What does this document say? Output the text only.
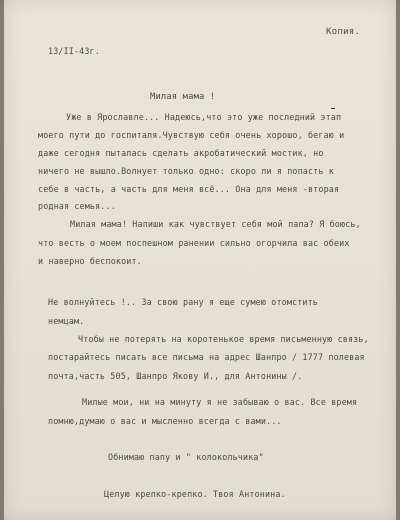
Копия.
13/II-43г.
Милая мама !
Уже в Ярославле... Надеюсь,что это уже последний этап
моего пути до госпиталя.Чувствую себя очень хорошо, бегаю и
даже сегодня пыталась сделать акробатический мостик, но
ничего не вышло.Волнует только одно: скоро ли я попасть к
себе в часть, а часть для меня всё... Она для меня -вторая
родная семья...
Милая мама! Напиши как чувствует себя мой папа? Я боюсь,
что весть о моем поспешном ранении сильно огорчила вас обеих
и наверно беспокоит.
Не волнуйтесь !.. За свою рану я еще сумею отомстить
немцам.
Чтобы не потерять на коротенькое время письменную связь,
постарайтесь писать все письма на адрес Шанпро / 1777 полевая
почта,часть 505, Шанпро Якову И., для Антонины /.
Милые мои, ни на минуту я не забываю о вас. Все время
помню,думаю о вас и мысленно всегда с вами...
Обнимаю папу и " колокольчика"
Целую крепко-крепко. Твоя Антонина.
